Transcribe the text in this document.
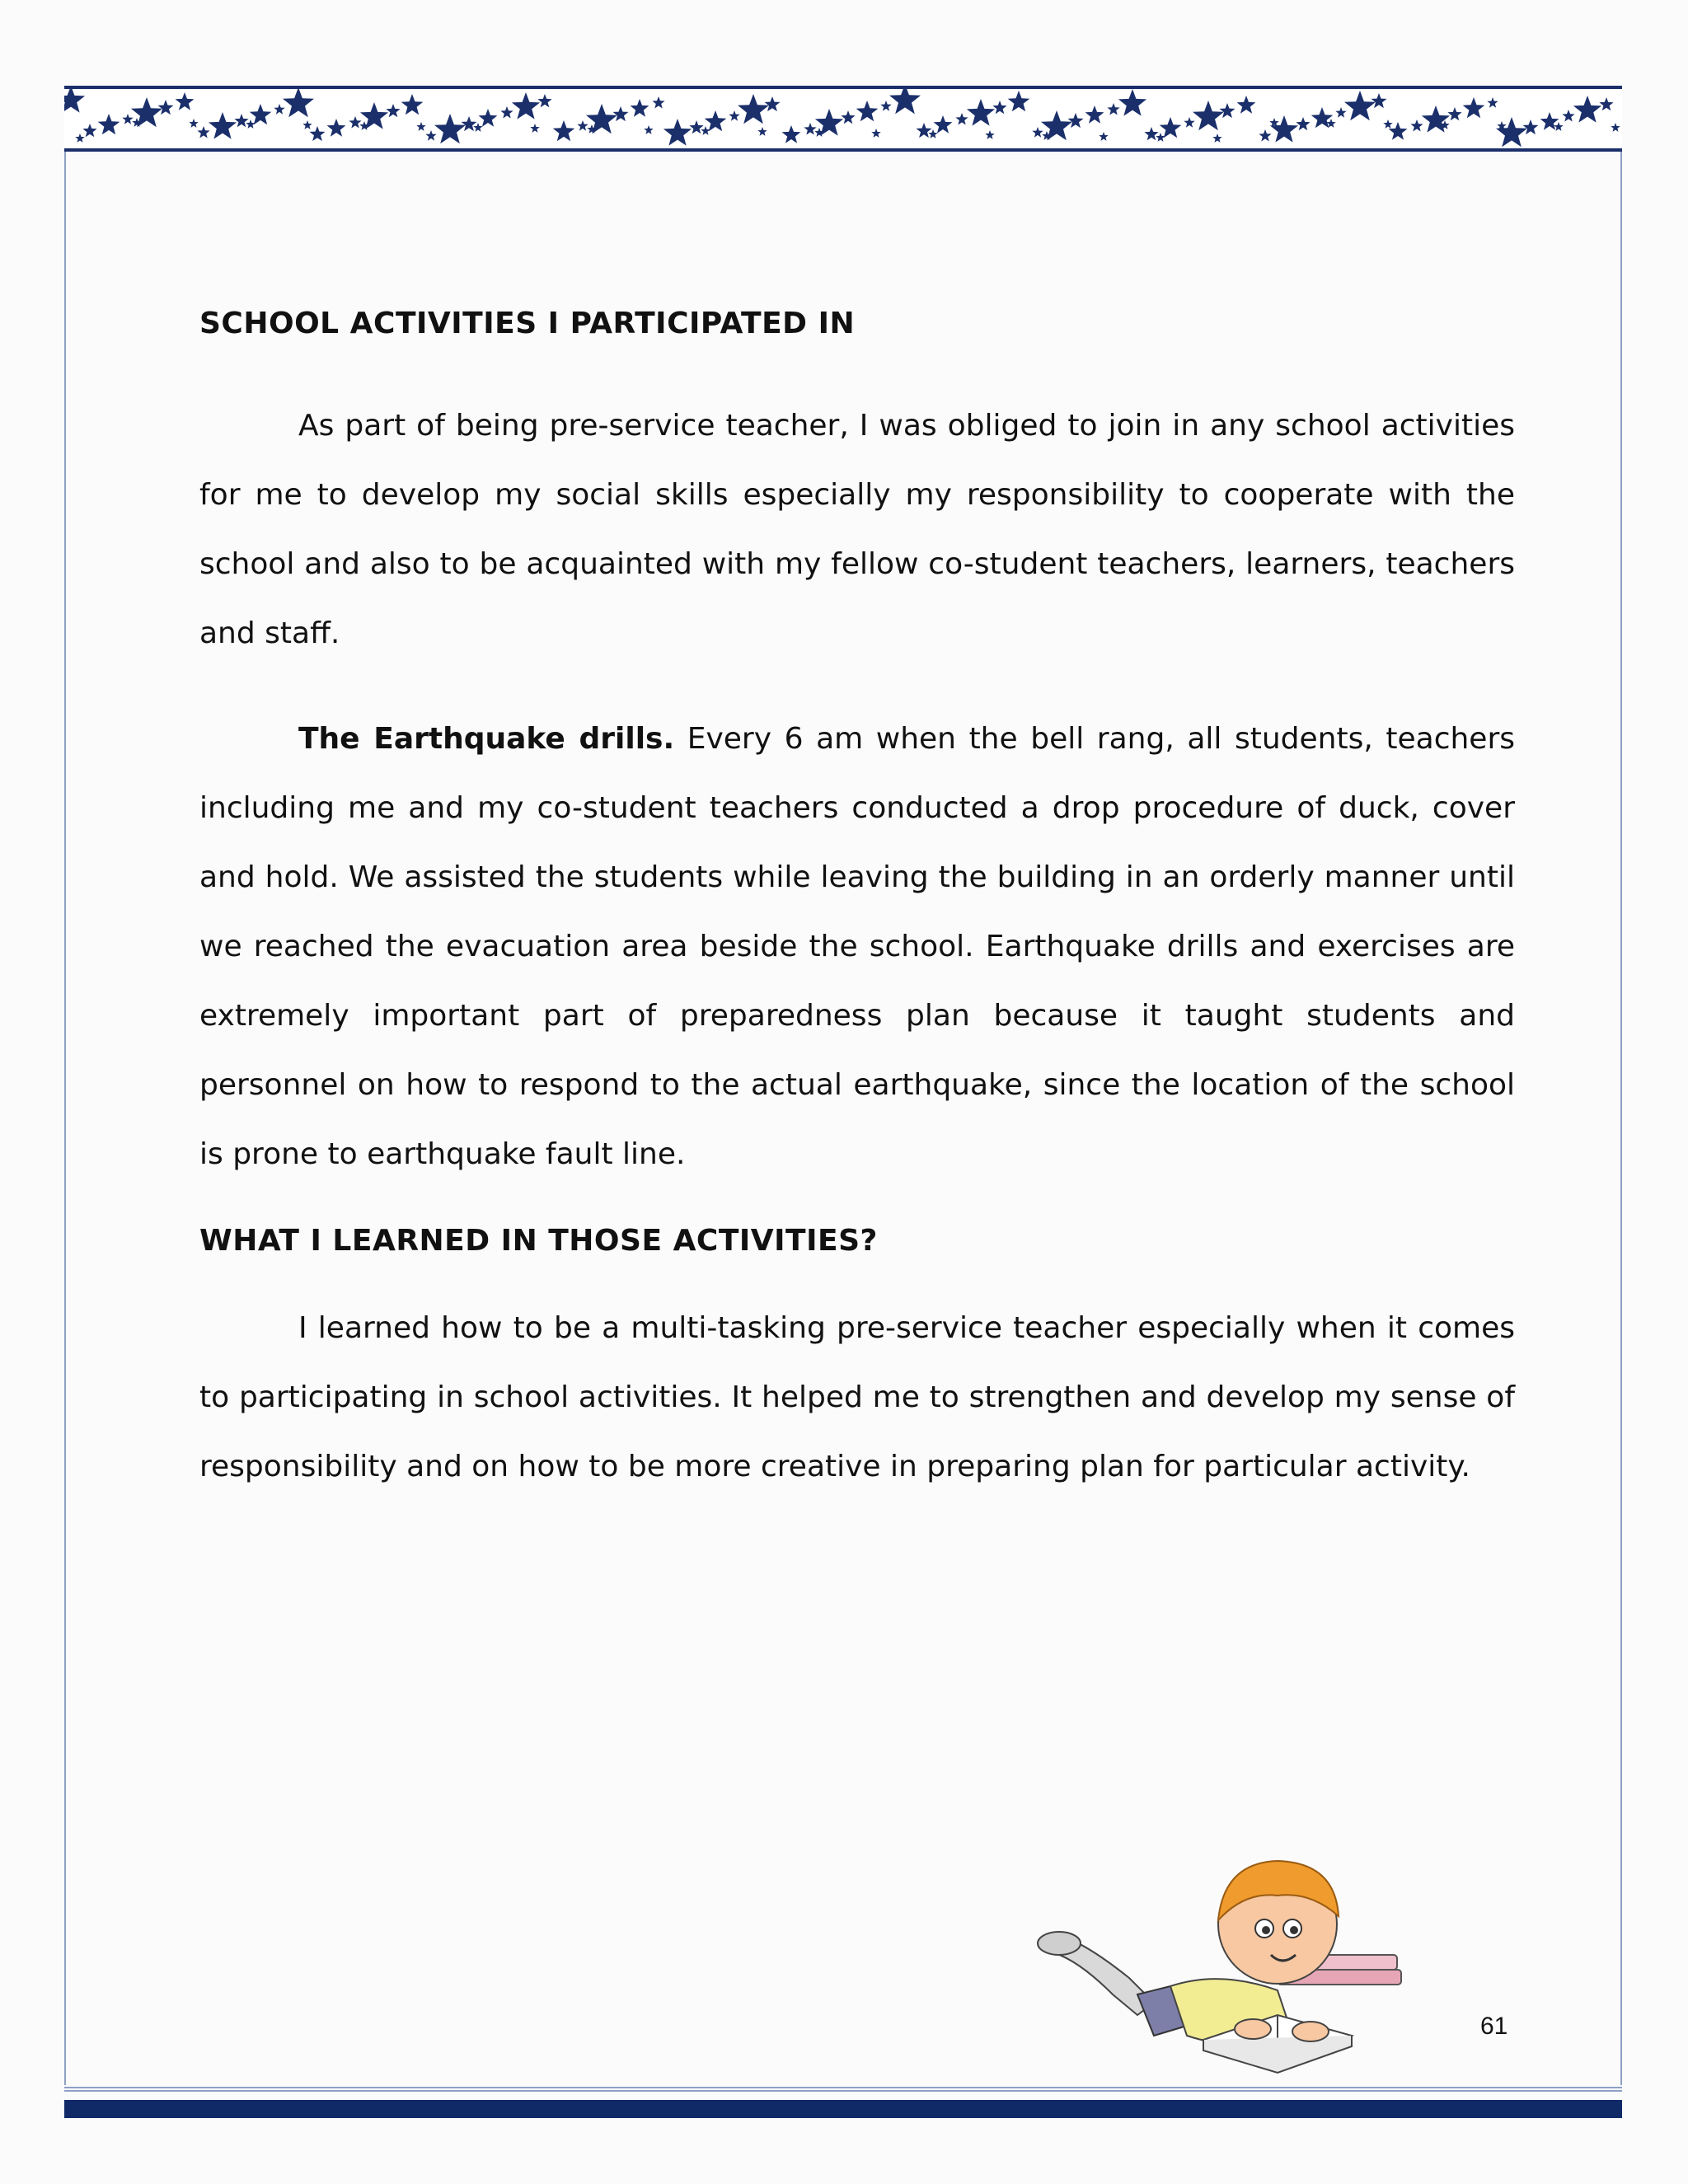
SCHOOL ACTIVITIES I PARTICIPATED IN

As part of being pre-service teacher, I was obliged to join in any school activities for me to develop my social skills especially my responsibility to cooperate with the school and also to be acquainted with my fellow co-student teachers, learners, teachers and staff.

The Earthquake drills. Every 6 am when the bell rang, all students, teachers including me and my co-student teachers conducted a drop procedure of duck, cover and hold. We assisted the students while leaving the building in an orderly manner until we reached the evacuation area beside the school. Earthquake drills and exercises are extremely important part of preparedness plan because it taught students and personnel on how to respond to the actual earthquake, since the location of the school is prone to earthquake fault line.

WHAT I LEARNED IN THOSE ACTIVITIES?

I learned how to be a multi-tasking pre-service teacher especially when it comes to participating in school activities. It helped me to strengthen and develop my sense of responsibility and on how to be more creative in preparing plan for particular activity.

61
